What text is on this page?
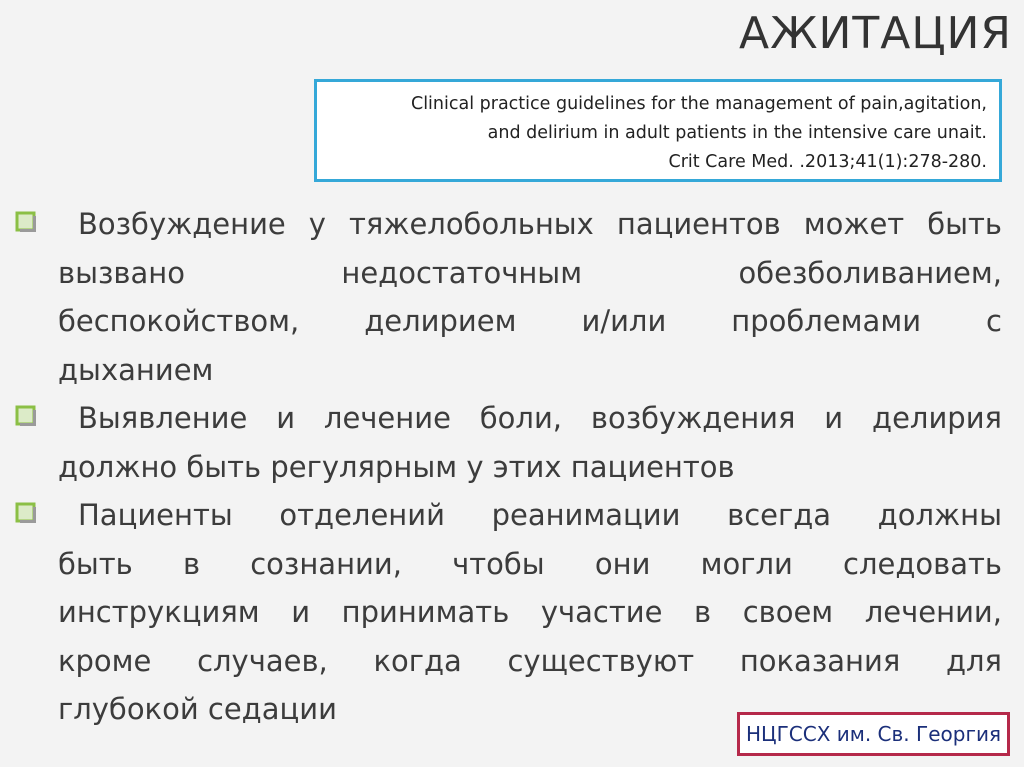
АЖИТАЦИЯ
Clinical practice guidelines for the management of pain,agitation,
and delirium in adult patients in the intensive care unait.
Crit Care Med. .2013;41(1):278-280.
Возбуждение у тяжелобольных пациентов может быть
вызвано недостаточным обезболиванием,
беспокойством, делирием и/или проблемами с
дыханием
Выявление и лечение боли, возбуждения и делирия
должно быть регулярным у этих пациентов
Пациенты отделений реанимации всегда должны
быть в сознании, чтобы они могли следовать
инструкциям и принимать участие в своем лечении,
кроме случаев, когда существуют показания для
глубокой седации
НЦГССХ им. Св. Георгия
